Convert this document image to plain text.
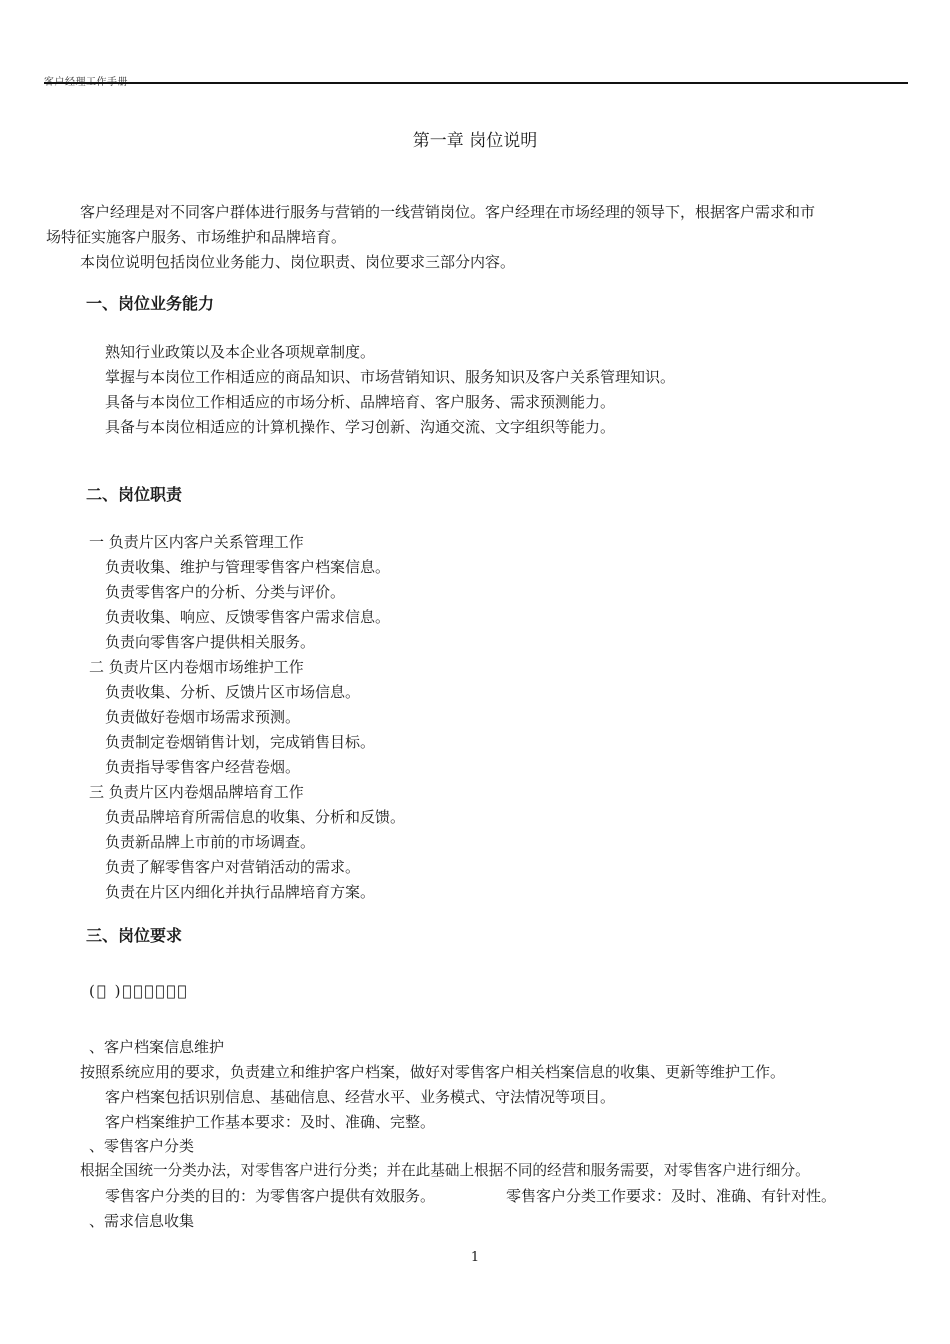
客户经理工作手册
第一章 岗位说明
客户经理是对不同客户群体进行服务与营销的一线营销岗位。客户经理在市场经理的领导下，根据客户需求和市
场特征实施客户服务、市场维护和品牌培育。
本岗位说明包括岗位业务能力、岗位职责、岗位要求三部分内容。
一、岗位业务能力
熟知行业政策以及本企业各项规章制度。
掌握与本岗位工作相适应的商品知识、市场营销知识、服务知识及客户关系管理知识。
具备与本岗位工作相适应的市场分析、品牌培育、客户服务、需求预测能力。
具备与本岗位相适应的计算机操作、学习创新、沟通交流、文字组织等能力。
二、岗位职责
一 负责片区内客户关系管理工作
负责收集、维护与管理零售客户档案信息。
负责零售客户的分析、分类与评价。
负责收集、响应、反馈零售客户需求信息。
负责向零售客户提供相关服务。
二 负责片区内卷烟市场维护工作
负责收集、分析、反馈片区市场信息。
负责做好卷烟市场需求预测。
负责制定卷烟销售计划，完成销售目标。
负责指导零售客户经营卷烟。
三 负责片区内卷烟品牌培育工作
负责品牌培育所需信息的收集、分析和反馈。
负责新品牌上市前的市场调查。
负责了解零售客户对营销活动的需求。
负责在片区内细化并执行品牌培育方案。
三、岗位要求
(  )      
、客户档案信息维护
按照系统应用的要求，负责建立和维护客户档案，做好对零售客户相关档案信息的收集、更新等维护工作。
客户档案包括识别信息、基础信息、经营水平、业务模式、守法情况等项目。
客户档案维护工作基本要求：及时、准确、完整。
、零售客户分类
根据全国统一分类办法，对零售客户进行分类；并在此基础上根据不同的经营和服务需要，对零售客户进行细分。
零售客户分类的目的：为零售客户提供有效服务。	零售客户分类工作要求：及时、准确、有针对性。
、需求信息收集
1
